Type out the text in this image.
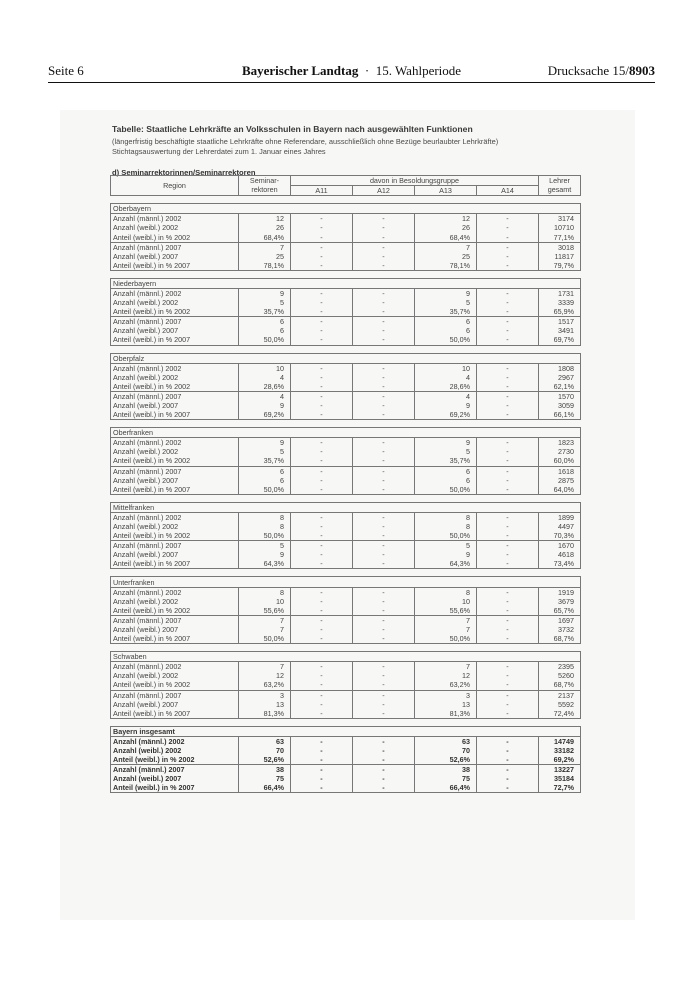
Seite 6	Bayerischer Landtag · 15. Wahlperiode	Drucksache 15/8903
Tabelle: Staatliche Lehrkräfte an Volksschulen in Bayern nach ausgewählten Funktionen
(längerfristig beschäftigte staatliche Lehrkräfte ohne Referendare, ausschließlich ohne Bezüge beurlaubter Lehrkräfte)
Stichtagsauswertung der Lehrerdatei zum 1. Januar eines Jahres
d) Seminarrektorinnen/Seminarrektoren
Region	Seminar-
rektoren	davon in Besoldungsgruppe				Lehrer
gesamt
		A11	A12	A13	A14	

Oberbayern						
Anzahl (männl.) 2002	12	-	-	12	-	3174
Anzahl (weibl.) 2002	26	-	-	26	-	10710
Anteil (weibl.) in % 2002	68,4%	-	-	68,4%	-	77,1%
Anzahl (männl.) 2007	7	-	-	7	-	3018
Anzahl (weibl.) 2007	25	-	-	25	-	11817
Anteil (weibl.) in % 2007	78,1%	-	-	78,1%	-	79,7%

Niederbayern						
Anzahl (männl.) 2002	9	-	-	9	-	1731
Anzahl (weibl.) 2002	5	-	-	5	-	3339
Anteil (weibl.) in % 2002	35,7%	-	-	35,7%	-	65,9%
Anzahl (männl.) 2007	6	-	-	6	-	1517
Anzahl (weibl.) 2007	6	-	-	6	-	3491
Anteil (weibl.) in % 2007	50,0%	-	-	50,0%	-	69,7%

Oberpfalz						
Anzahl (männl.) 2002	10	-	-	10	-	1808
Anzahl (weibl.) 2002	4	-	-	4	-	2967
Anteil (weibl.) in % 2002	28,6%	-	-	28,6%	-	62,1%
Anzahl (männl.) 2007	4	-	-	4	-	1570
Anzahl (weibl.) 2007	9	-	-	9	-	3059
Anteil (weibl.) in % 2007	69,2%	-	-	69,2%	-	66,1%

Oberfranken						
Anzahl (männl.) 2002	9	-	-	9	-	1823
Anzahl (weibl.) 2002	5	-	-	5	-	2730
Anteil (weibl.) in % 2002	35,7%	-	-	35,7%	-	60,0%
Anzahl (männl.) 2007	6	-	-	6	-	1618
Anzahl (weibl.) 2007	6	-	-	6	-	2875
Anteil (weibl.) in % 2007	50,0%	-	-	50,0%	-	64,0%

Mittelfranken						
Anzahl (männl.) 2002	8	-	-	8	-	1899
Anzahl (weibl.) 2002	8	-	-	8	-	4497
Anteil (weibl.) in % 2002	50,0%	-	-	50,0%	-	70,3%
Anzahl (männl.) 2007	5	-	-	5	-	1670
Anzahl (weibl.) 2007	9	-	-	9	-	4618
Anteil (weibl.) in % 2007	64,3%	-	-	64,3%	-	73,4%

Unterfranken						
Anzahl (männl.) 2002	8	-	-	8	-	1919
Anzahl (weibl.) 2002	10	-	-	10	-	3679
Anteil (weibl.) in % 2002	55,6%	-	-	55,6%	-	65,7%
Anzahl (männl.) 2007	7	-	-	7	-	1697
Anzahl (weibl.) 2007	7	-	-	7	-	3732
Anteil (weibl.) in % 2007	50,0%	-	-	50,0%	-	68,7%

Schwaben						
Anzahl (männl.) 2002	7	-	-	7	-	2395
Anzahl (weibl.) 2002	12	-	-	12	-	5260
Anteil (weibl.) in % 2002	63,2%	-	-	63,2%	-	68,7%
Anzahl (männl.) 2007	3	-	-	3	-	2137
Anzahl (weibl.) 2007	13	-	-	13	-	5592
Anteil (weibl.) in % 2007	81,3%	-	-	81,3%	-	72,4%

Bayern insgesamt						
Anzahl (männl.) 2002	63	-	-	63	-	14749
Anzahl (weibl.) 2002	70	-	-	70	-	33182
Anteil (weibl.) in % 2002	52,6%	-	-	52,6%	-	69,2%
Anzahl (männl.) 2007	38	-	-	38	-	13227
Anzahl (weibl.) 2007	75	-	-	75	-	35184
Anteil (weibl.) in % 2007	66,4%	-	-	66,4%	-	72,7%
